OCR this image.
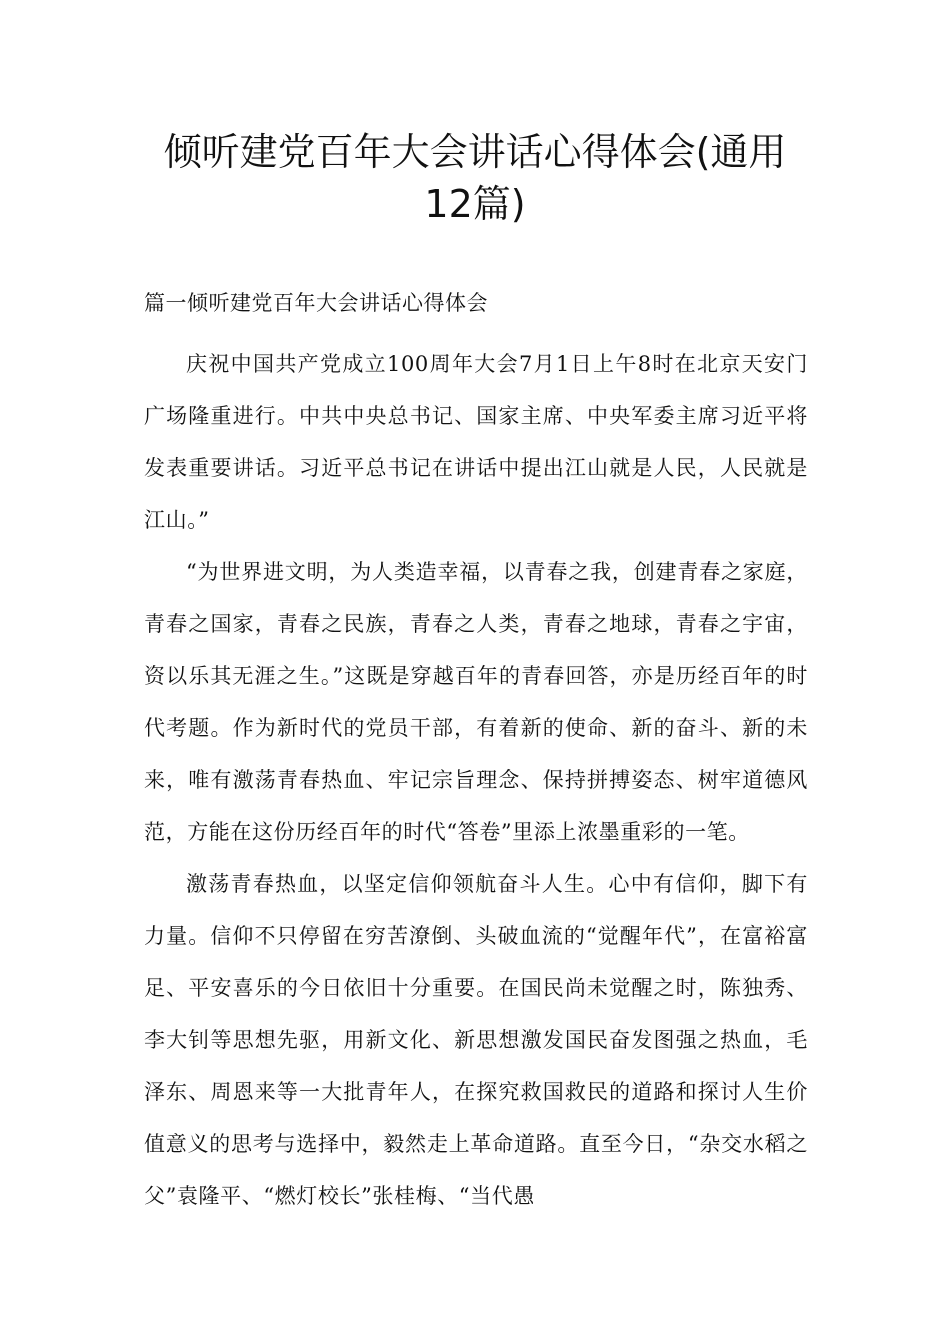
倾听建党百年大会讲话心得体会(通用
12篇)
篇一倾听建党百年大会讲话心得体会

庆祝中国共产党成立100周年大会7月1日上午8时在北京天安门广场隆重进行。中共中央总书记、国家主席、中央军委主席习近平将发表重要讲话。习近平总书记在讲话中提出江山就是人民，人民就是江山。”

“为世界进文明，为人类造幸福，以青春之我，创建青春之家庭，青春之国家，青春之民族，青春之人类，青春之地球，青春之宇宙，资以乐其无涯之生。”这既是穿越百年的青春回答，亦是历经百年的时代考题。作为新时代的党员干部，有着新的使命、新的奋斗、新的未来，唯有激荡青春热血、牢记宗旨理念、保持拼搏姿态、树牢道德风范，方能在这份历经百年的时代“答卷”里添上浓墨重彩的一笔。

激荡青春热血，以坚定信仰领航奋斗人生。心中有信仰，脚下有力量。信仰不只停留在穷苦潦倒、头破血流的“觉醒年代”，在富裕富足、平安喜乐的今日依旧十分重要。在国民尚未觉醒之时，陈独秀、李大钊等思想先驱，用新文化、新思想激发国民奋发图强之热血，毛泽东、周恩来等一大批青年人，在探究救国救民的道路和探讨人生价值意义的思考与选择中，毅然走上革命道路。直至今日，“杂交水稻之父”袁隆平、“燃灯校长”张桂梅、“当代愚
